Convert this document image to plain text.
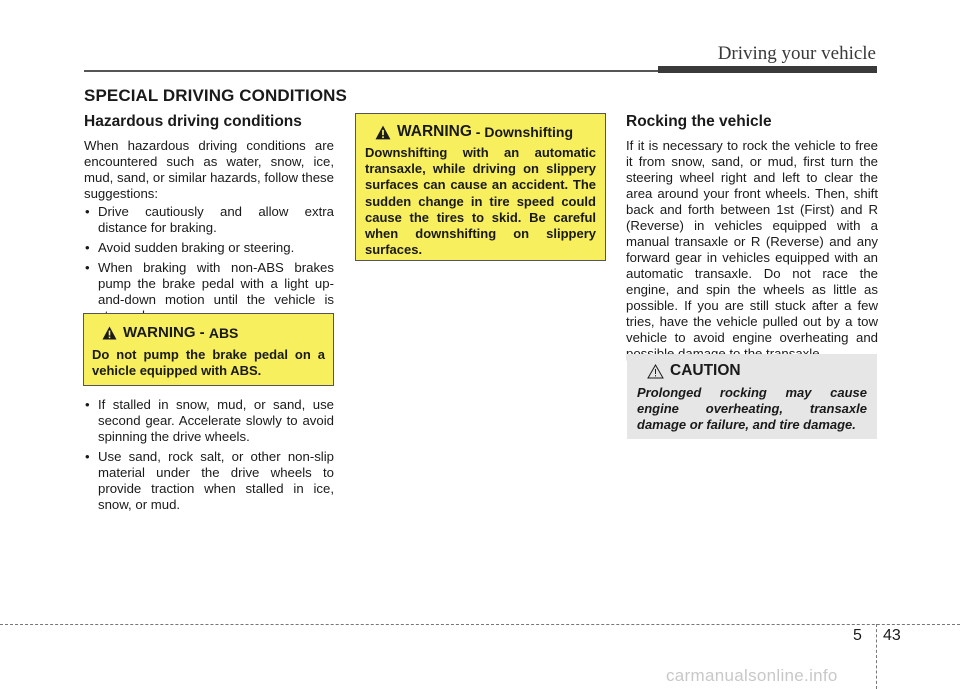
Driving your vehicle
SPECIAL DRIVING CONDITIONS
Hazardous driving conditions

When hazardous driving conditions are encountered such as water, snow, ice, mud, sand, or similar hazards, follow these suggestions:

• Drive cautiously and allow extra distance for braking.
• Avoid sudden braking or steering.
• When braking with non-ABS brakes pump the brake pedal with a light up-and-down motion until the vehicle is
WARNING - ABS
Do not pump the brake pedal on a vehicle equipped with ABS.
• If stalled in snow, mud, or sand, use second gear. Accelerate slowly to avoid spinning the drive wheels.
• Use sand, rock salt, or other non-slip material under the drive wheels to provide traction when stalled in ice, snow, or mud.
WARNING - Downshifting
Downshifting with an automatic transaxle, while driving on slippery surfaces can cause an accident. The sudden change in tire speed could cause the tires to skid. Be careful when downshifting on slippery surfaces.
Rocking the vehicle

If it is necessary to rock the vehicle to free it from snow, sand, or mud, first turn the steering wheel right and left to clear the area around your front wheels. Then, shift back and forth between 1st (First) and R (Reverse) in vehicles equipped with a manual transaxle or R (Reverse) and any forward gear in vehicles equipped with an automatic transaxle. Do not race the engine, and spin the wheels as little as possible. If you are still stuck after a few tries, have the vehicle pulled out by a tow vehicle to avoid engine overheating and

CAUTION
Prolonged rocking may cause engine overheating, transaxle damage or failure, and tire damage.
5 43
carmanualsonline.info
